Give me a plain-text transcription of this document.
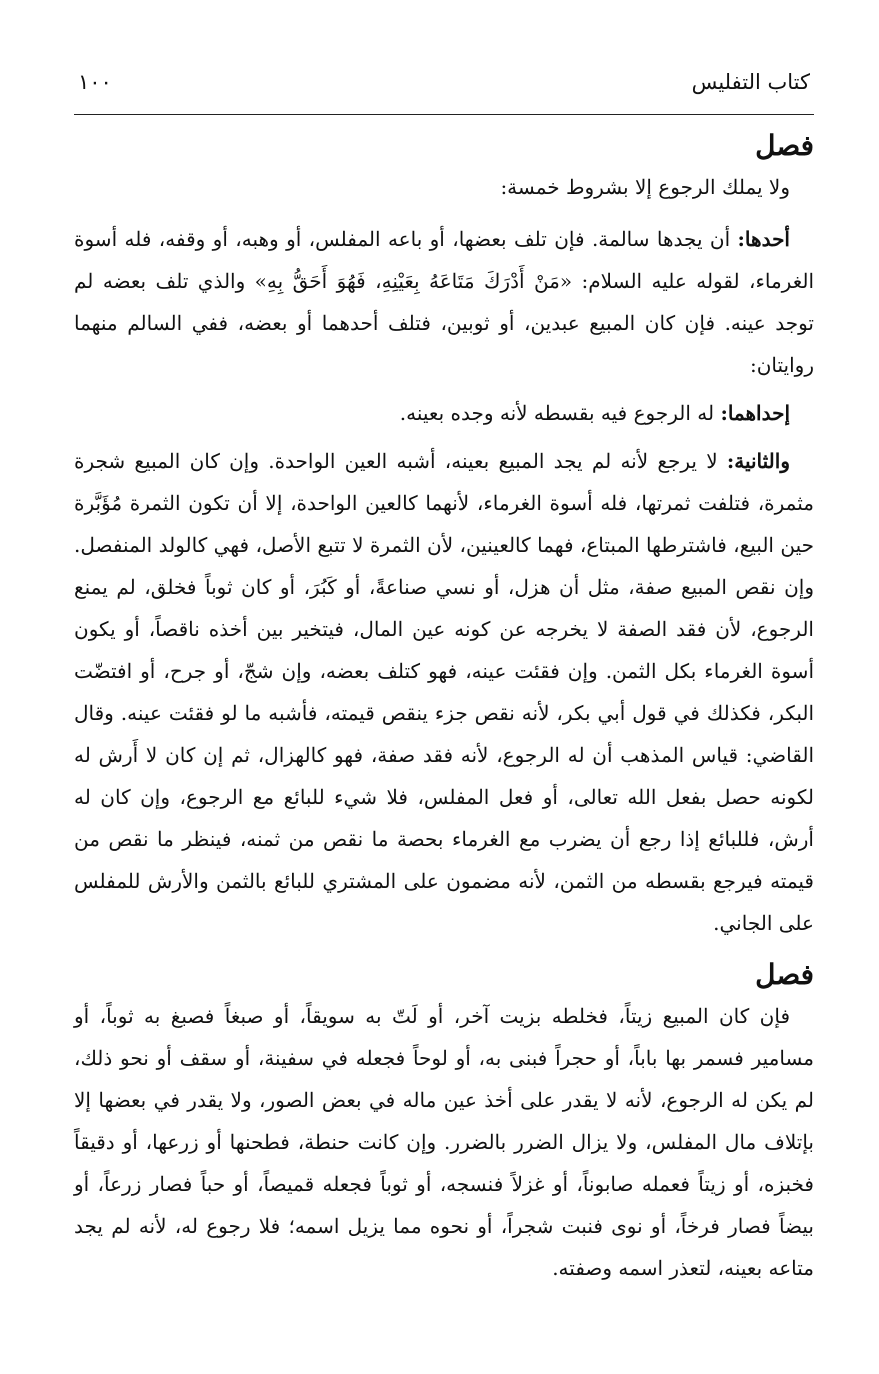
كتاب التفليس
١٠٠
فصل

ولا يملك الرجوع إلا بشروط خمسة:

أحدها: أن يجدها سالمة. فإن تلف بعضها، أو باعه المفلس، أو وهبه، أو وقفه، فله أسوة الغرماء، لقوله عليه السلام: «مَنْ أَدْرَكَ مَتَاعَهُ بِعَيْنِهِ، فَهُوَ أَحَقُّ بِهِ» والذي تلف بعضه لم توجد عينه. فإن كان المبيع عبدين، أو ثوبين، فتلف أحدهما أو بعضه، ففي السالم منهما روايتان:

إحداهما: له الرجوع فيه بقسطه لأنه وجده بعينه.

والثانية: لا يرجع لأنه لم يجد المبيع بعينه، أشبه العين الواحدة. وإن كان المبيع شجرة مثمرة، فتلفت ثمرتها، فله أسوة الغرماء، لأنهما كالعين الواحدة، إلا أن تكون الثمرة مُؤَبَّرة حين البيع، فاشترطها المبتاع، فهما كالعينين، لأن الثمرة لا تتبع الأصل، فهي كالولد المنفصل. وإن نقص المبيع صفة، مثل أن هزل، أو نسي صناعةً، أو كَبُرَ، أو كان ثوباً فخلق، لم يمنع الرجوع، لأن فقد الصفة لا يخرجه عن كونه عين المال، فيتخير بين أخذه ناقصاً، أو يكون أسوة الغرماء بكل الثمن. وإن فقئت عينه، فهو كتلف بعضه، وإن شجّ، أو جرح، أو افتضّت البكر، فكذلك في قول أبي بكر، لأنه نقص جزء ينقص قيمته، فأشبه ما لو فقئت عينه. وقال القاضي: قياس المذهب أن له الرجوع، لأنه فقد صفة، فهو كالهزال، ثم إن كان لا أَرش له لكونه حصل بفعل الله تعالى، أو فعل المفلس، فلا شيء للبائع مع الرجوع، وإن كان له أرش، فللبائع إذا رجع أن يضرب مع الغرماء بحصة ما نقص من ثمنه، فينظر ما نقص من قيمته فيرجع بقسطه من الثمن، لأنه مضمون على المشتري للبائع بالثمن والأرش للمفلس على الجاني.

فصل

فإن كان المبيع زيتاً، فخلطه بزيت آخر، أو لَتّ به سويقاً، أو صبغاً فصبغ به ثوباً، أو مسامير فسمر بها باباً، أو حجراً فبنى به، أو لوحاً فجعله في سفينة، أو سقف أو نحو ذلك، لم يكن له الرجوع، لأنه لا يقدر على أخذ عين ماله في بعض الصور، ولا يقدر في بعضها إلا بإتلاف مال المفلس، ولا يزال الضرر بالضرر. وإن كانت حنطة، فطحنها أو زرعها، أو دقيقاً فخبزه، أو زيتاً فعمله صابوناً، أو غزلاً فنسجه، أو ثوباً فجعله قميصاً، أو حباً فصار زرعاً، أو بيضاً فصار فرخاً، أو نوى فنبت شجراً، أو نحوه مما يزيل اسمه؛ فلا رجوع له، لأنه لم يجد متاعه بعينه، لتعذر اسمه وصفته.
